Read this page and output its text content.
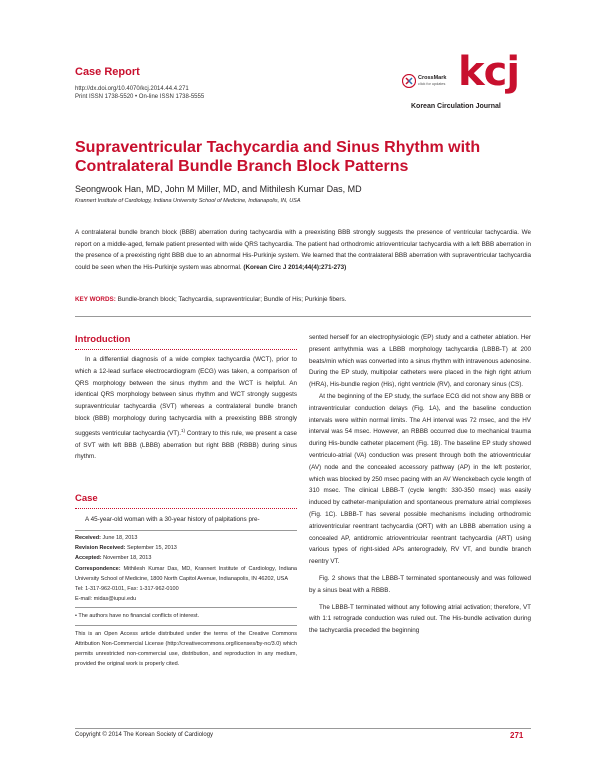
Case Report
http://dx.doi.org/10.4070/kcj.2014.44.4.271
Print ISSN 1738-5520 • On-line ISSN 1738-5555
CrossMark
click for updates kcj
Korean Circulation Journal
Supraventricular Tachycardia and Sinus Rhythm with Contralateral Bundle Branch Block Patterns
Seongwook Han, MD, John M Miller, MD, and Mithilesh Kumar Das, MD
Krannert Institute of Cardiology, Indiana University School of Medicine, Indianapolis, IN, USA
A contralateral bundle branch block (BBB) aberration during tachycardia with a preexisting BBB strongly suggests the presence of ventricular tachycardia. We report on a middle-aged, female patient presented with wide QRS tachycardia. The patient had orthodromic atrioventricular tachycardia with a left BBB aberration in the presence of a preexisting right BBB due to an abnormal His-Purkinje system. We learned that the contralateral BBB aberration with supraventricular tachycardia could be seen when the His-Purkinje system was abnormal. (Korean Circ J 2014;44(4):271-273)
KEY WORDS: Bundle-branch block; Tachycardia, supraventricular; Bundle of His; Purkinje fibers.
Introduction

In a differential diagnosis of a wide complex tachycardia (WCT), prior to which a 12-lead surface electrocardiogram (ECG) was taken, a comparison of QRS morphology between the sinus rhythm and the WCT is helpful. An identical QRS morphology between sinus rhythm and WCT strongly suggests supraventricular tachycardia (SVT) whereas a contralateral bundle branch block (BBB) morphology during tachycardia with a preexisting BBB strongly suggests ventricular tachycardia (VT).$^{1)}$ Contrary to this rule, we present a case of SVT with left BBB (LBBB) aberration but right BBB (RBBB) during sinus rhythm.

Case

A 45-year-old woman with a 30-year history of palpitations pre-

Received: June 18, 2013
Revision Received: September 15, 2013
Accepted: November 18, 2013
Correspondence: Mithilesh Kumar Das, MD, Krannert Institute of Cardiology, Indiana University School of Medicine, 1800 North Capitol Avenue, Indianapolis, IN 46202, USA
Tel: 1-317-962-0101, Fax: 1-317-962-0100
E-mail: midas@iupui.edu
• The authors have no financial conflicts of interest.
This is an Open Access article distributed under the terms of the Creative Commons Attribution Non-Commercial License (http://creativecommons.org/licenses/by-nc/3.0) which permits unrestricted non-commercial use, distribution, and reproduction in any medium, provided the original work is properly cited.

sented herself for an electrophysiologic (EP) study and a catheter ablation. Her present arrhythmia was a LBBB morphology tachycardia (LBBB-T) at 200 beats/min which was converted into a sinus rhythm with intravenous adenosine. During the EP study, multipolar catheters were placed in the high right atrium (HRA), His-bundle region (His), right ventricle (RV), and coronary sinus (CS).

At the beginning of the EP study, the surface ECG did not show any BBB or intraventricular conduction delays (Fig. 1A), and the baseline conduction intervals were within normal limits. The AH interval was 72 msec, and the HV interval was 54 msec. However, an RBBB occurred due to mechanical trauma during His-bundle catheter placement (Fig. 1B). The baseline EP study showed ventriculo-atrial (VA) conduction was present through both the atrioventricular (AV) node and the concealed accessory pathway (AP) in the left posterior, which was blocked by 250 msec pacing with an AV Wenckebach cycle length of 310 msec. The clinical LBBB-T (cycle length: 330-350 msec) was easily induced by catheter-manipulation and spontaneous premature atrial complexes (Fig. 1C). LBBB-T has several possible mechanisms including orthodromic atrioventricular reentrant tachycardia (ORT) with an LBBB aberration using a concealed AP, antidromic atrioventricular reentrant tachycardia (ART) using various types of right-sided APs anterogradely, RV VT, and bundle branch reentry VT.

Fig. 2 shows that the LBBB-T terminated spontaneously and was followed by a sinus beat with a RBBB.

The LBBB-T terminated without any following atrial activation; therefore, VT with 1:1 retrograde conduction was ruled out. The His-bundle activation during the tachycardia preceded the beginning

Copyright © 2014 The Korean Society of Cardiology	271
